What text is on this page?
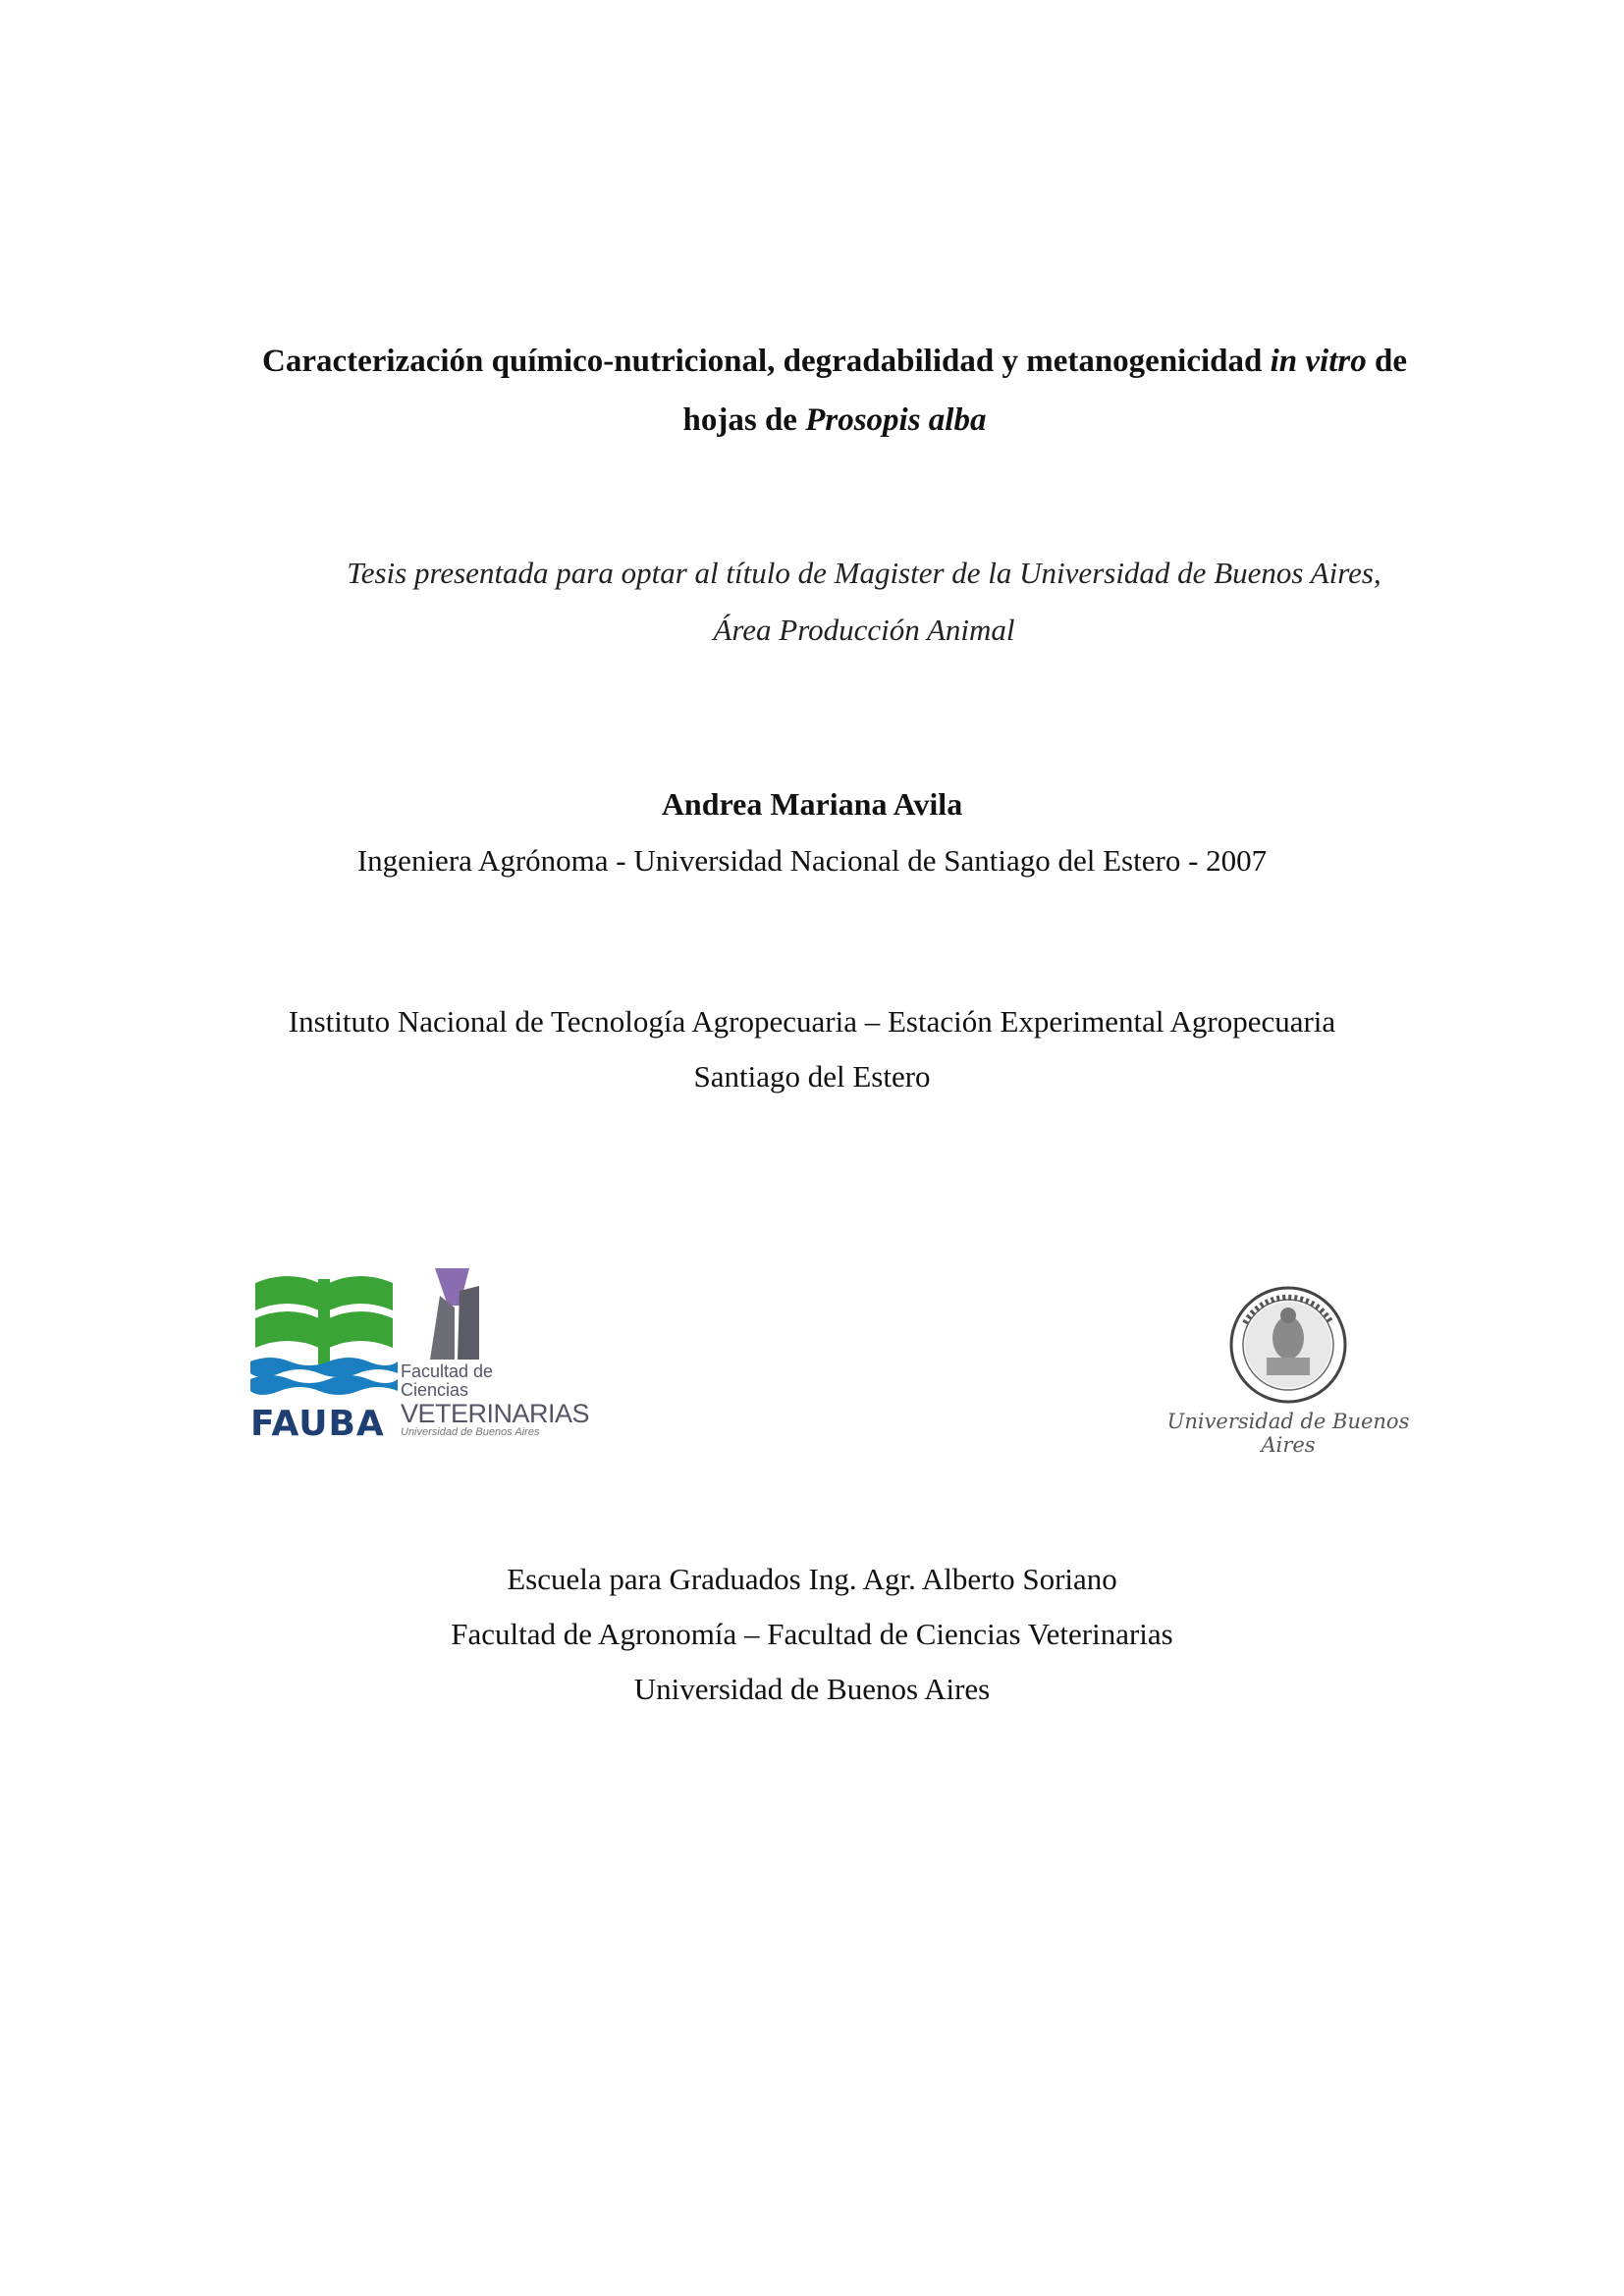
Caracterización químico-nutricional, degradabilidad y metanogenicidad in vitro de
hojas de Prosopis alba
Tesis presentada para optar al título de Magister de la Universidad de Buenos Aires,
Área Producción Animal
Andrea Mariana Avila
Ingeniera Agrónoma - Universidad Nacional de Santiago del Estero - 2007
Instituto Nacional de Tecnología Agropecuaria – Estación Experimental Agropecuaria
Santiago del Estero
FAUBA
Facultad de Ciencias
VETERINARIAS
Universidad de Buenos Aires	Universidad de Buenos Aires
Escuela para Graduados Ing. Agr. Alberto Soriano
Facultad de Agronomía – Facultad de Ciencias Veterinarias
Universidad de Buenos Aires
